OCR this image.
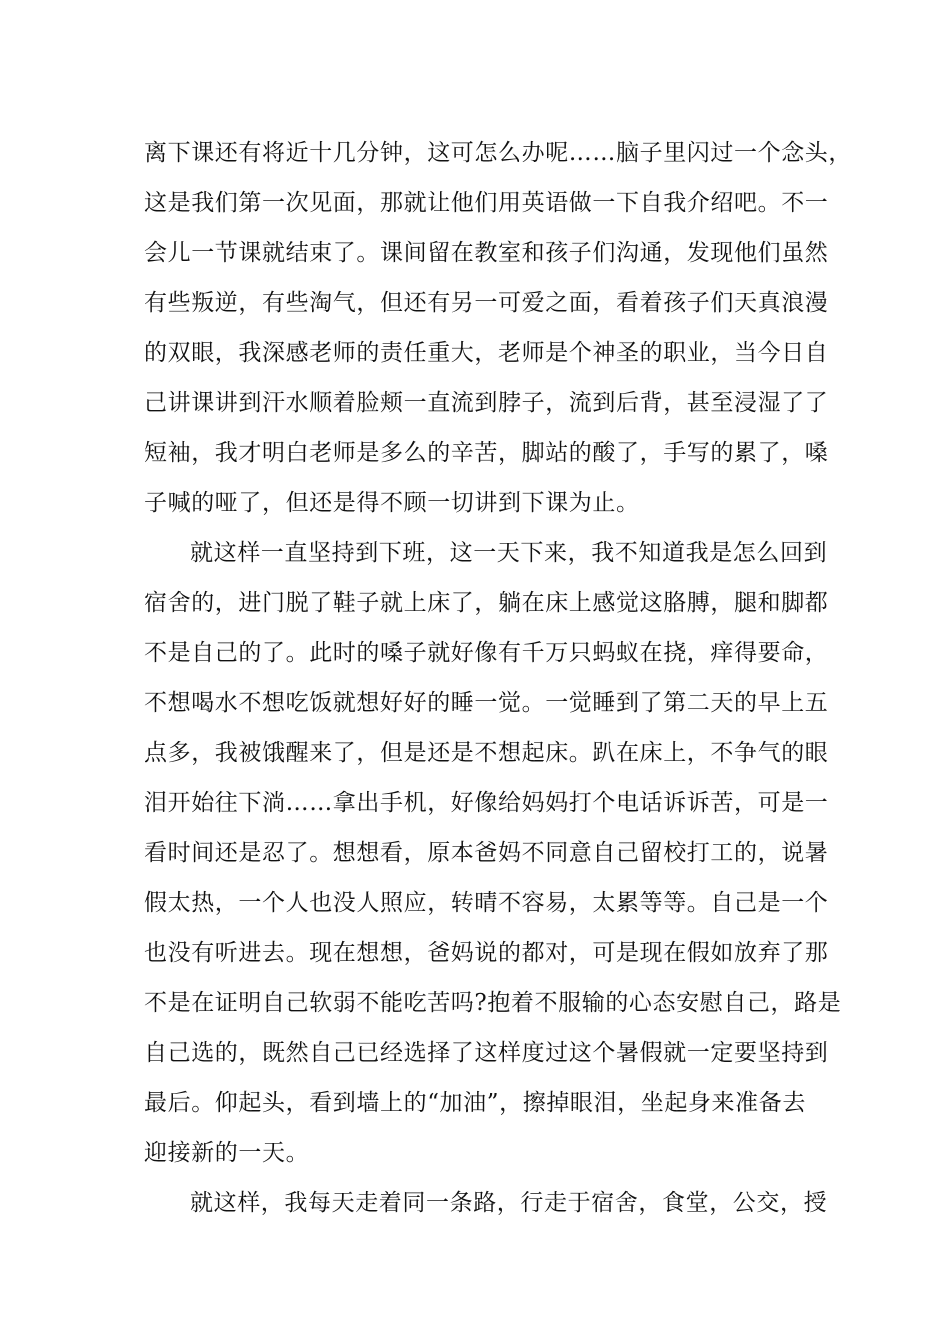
离下课还有将近十几分钟，这可怎么办呢……脑子里闪过一个念头，
这是我们第一次见面，那就让他们用英语做一下自我介绍吧。不一
会儿一节课就结束了。课间留在教室和孩子们沟通，发现他们虽然
有些叛逆，有些淘气，但还有另一可爱之面，看着孩子们天真浪漫
的双眼，我深感老师的责任重大，老师是个神圣的职业，当今日自
己讲课讲到汗水顺着脸颊一直流到脖子，流到后背，甚至浸湿了了
短袖，我才明白老师是多么的辛苦，脚站的酸了，手写的累了，嗓
子喊的哑了，但还是得不顾一切讲到下课为止。
就这样一直坚持到下班，这一天下来，我不知道我是怎么回到
宿舍的，进门脱了鞋子就上床了，躺在床上感觉这胳膊，腿和脚都
不是自己的了。此时的嗓子就好像有千万只蚂蚁在挠，痒得要命，
不想喝水不想吃饭就想好好的睡一觉。一觉睡到了第二天的早上五
点多，我被饿醒来了，但是还是不想起床。趴在床上，不争气的眼
泪开始往下淌……拿出手机，好像给妈妈打个电话诉诉苦，可是一
看时间还是忍了。想想看，原本爸妈不同意自己留校打工的，说暑
假太热，一个人也没人照应，转晴不容易，太累等等。自己是一个
也没有听进去。现在想想，爸妈说的都对，可是现在假如放弃了那
不是在证明自己软弱不能吃苦吗?抱着不服输的心态安慰自己，路是
自己选的，既然自己已经选择了这样度过这个暑假就一定要坚持到
最后。仰起头，看到墙上的“加油”，擦掉眼泪，坐起身来准备去
迎接新的一天。
就这样，我每天走着同一条路，行走于宿舍，食堂，公交，授
